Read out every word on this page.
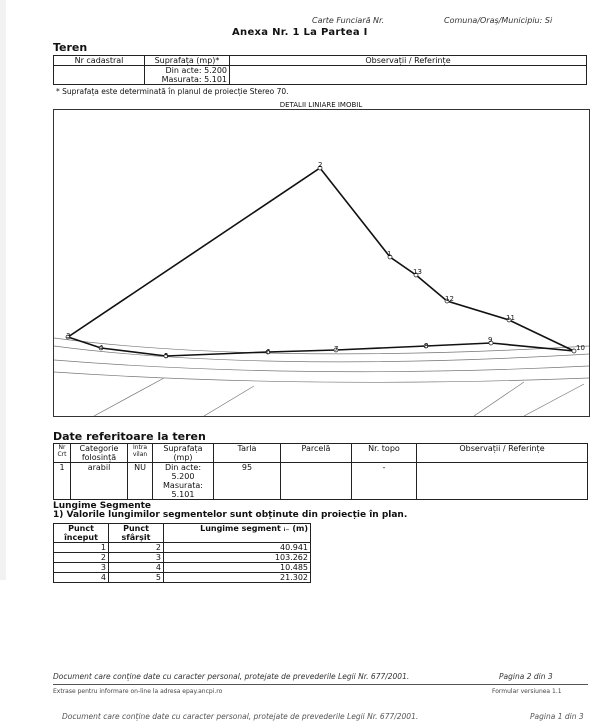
Carte Funciară Nr.	Comuna/Oraș/Municipiu: Si
Anexa Nr. 1 La Partea I
Teren
Nr cadastral	Suprafața (mp)*	Observații / Referințe

	Din acte: 5.200
Masurata: 5.101	

* Suprafața este determinată în planul de proiecție Stereo 70.
DETALII LINIARE IMOBIL
2
1
13
12
11
10
9
8
7
6
5
4
3
Date referitoare la teren
Nr Crt	Categorie folosință	Intra vilan	Suprafața (mp)	Tarla	Parcelă	Nr. topo	Observații / Referințe
1	arabil	NU	Din acte:
5.200
Masurata:
5.101	95		-	
Lungime Segmente
1) Valorile lungimilor segmentelor sunt obținute din proiecție în plan.
Punct început	Punct sfârșit	Lungime segment ᵢ₋ (m)
1	2	40.941
2	3	103.262
3	4	10.485
4	5	21.302
Document care conține date cu caracter personal, protejate de prevederile Legii Nr. 677/2001.	Pagina 2 din 3
Extrase pentru informare on-line la adresa epay.ancpi.ro	Formular versiunea 1.1
Document care conține date cu caracter personal, protejate de prevederile Legii Nr. 677/2001.	Pagina 1 din 3
